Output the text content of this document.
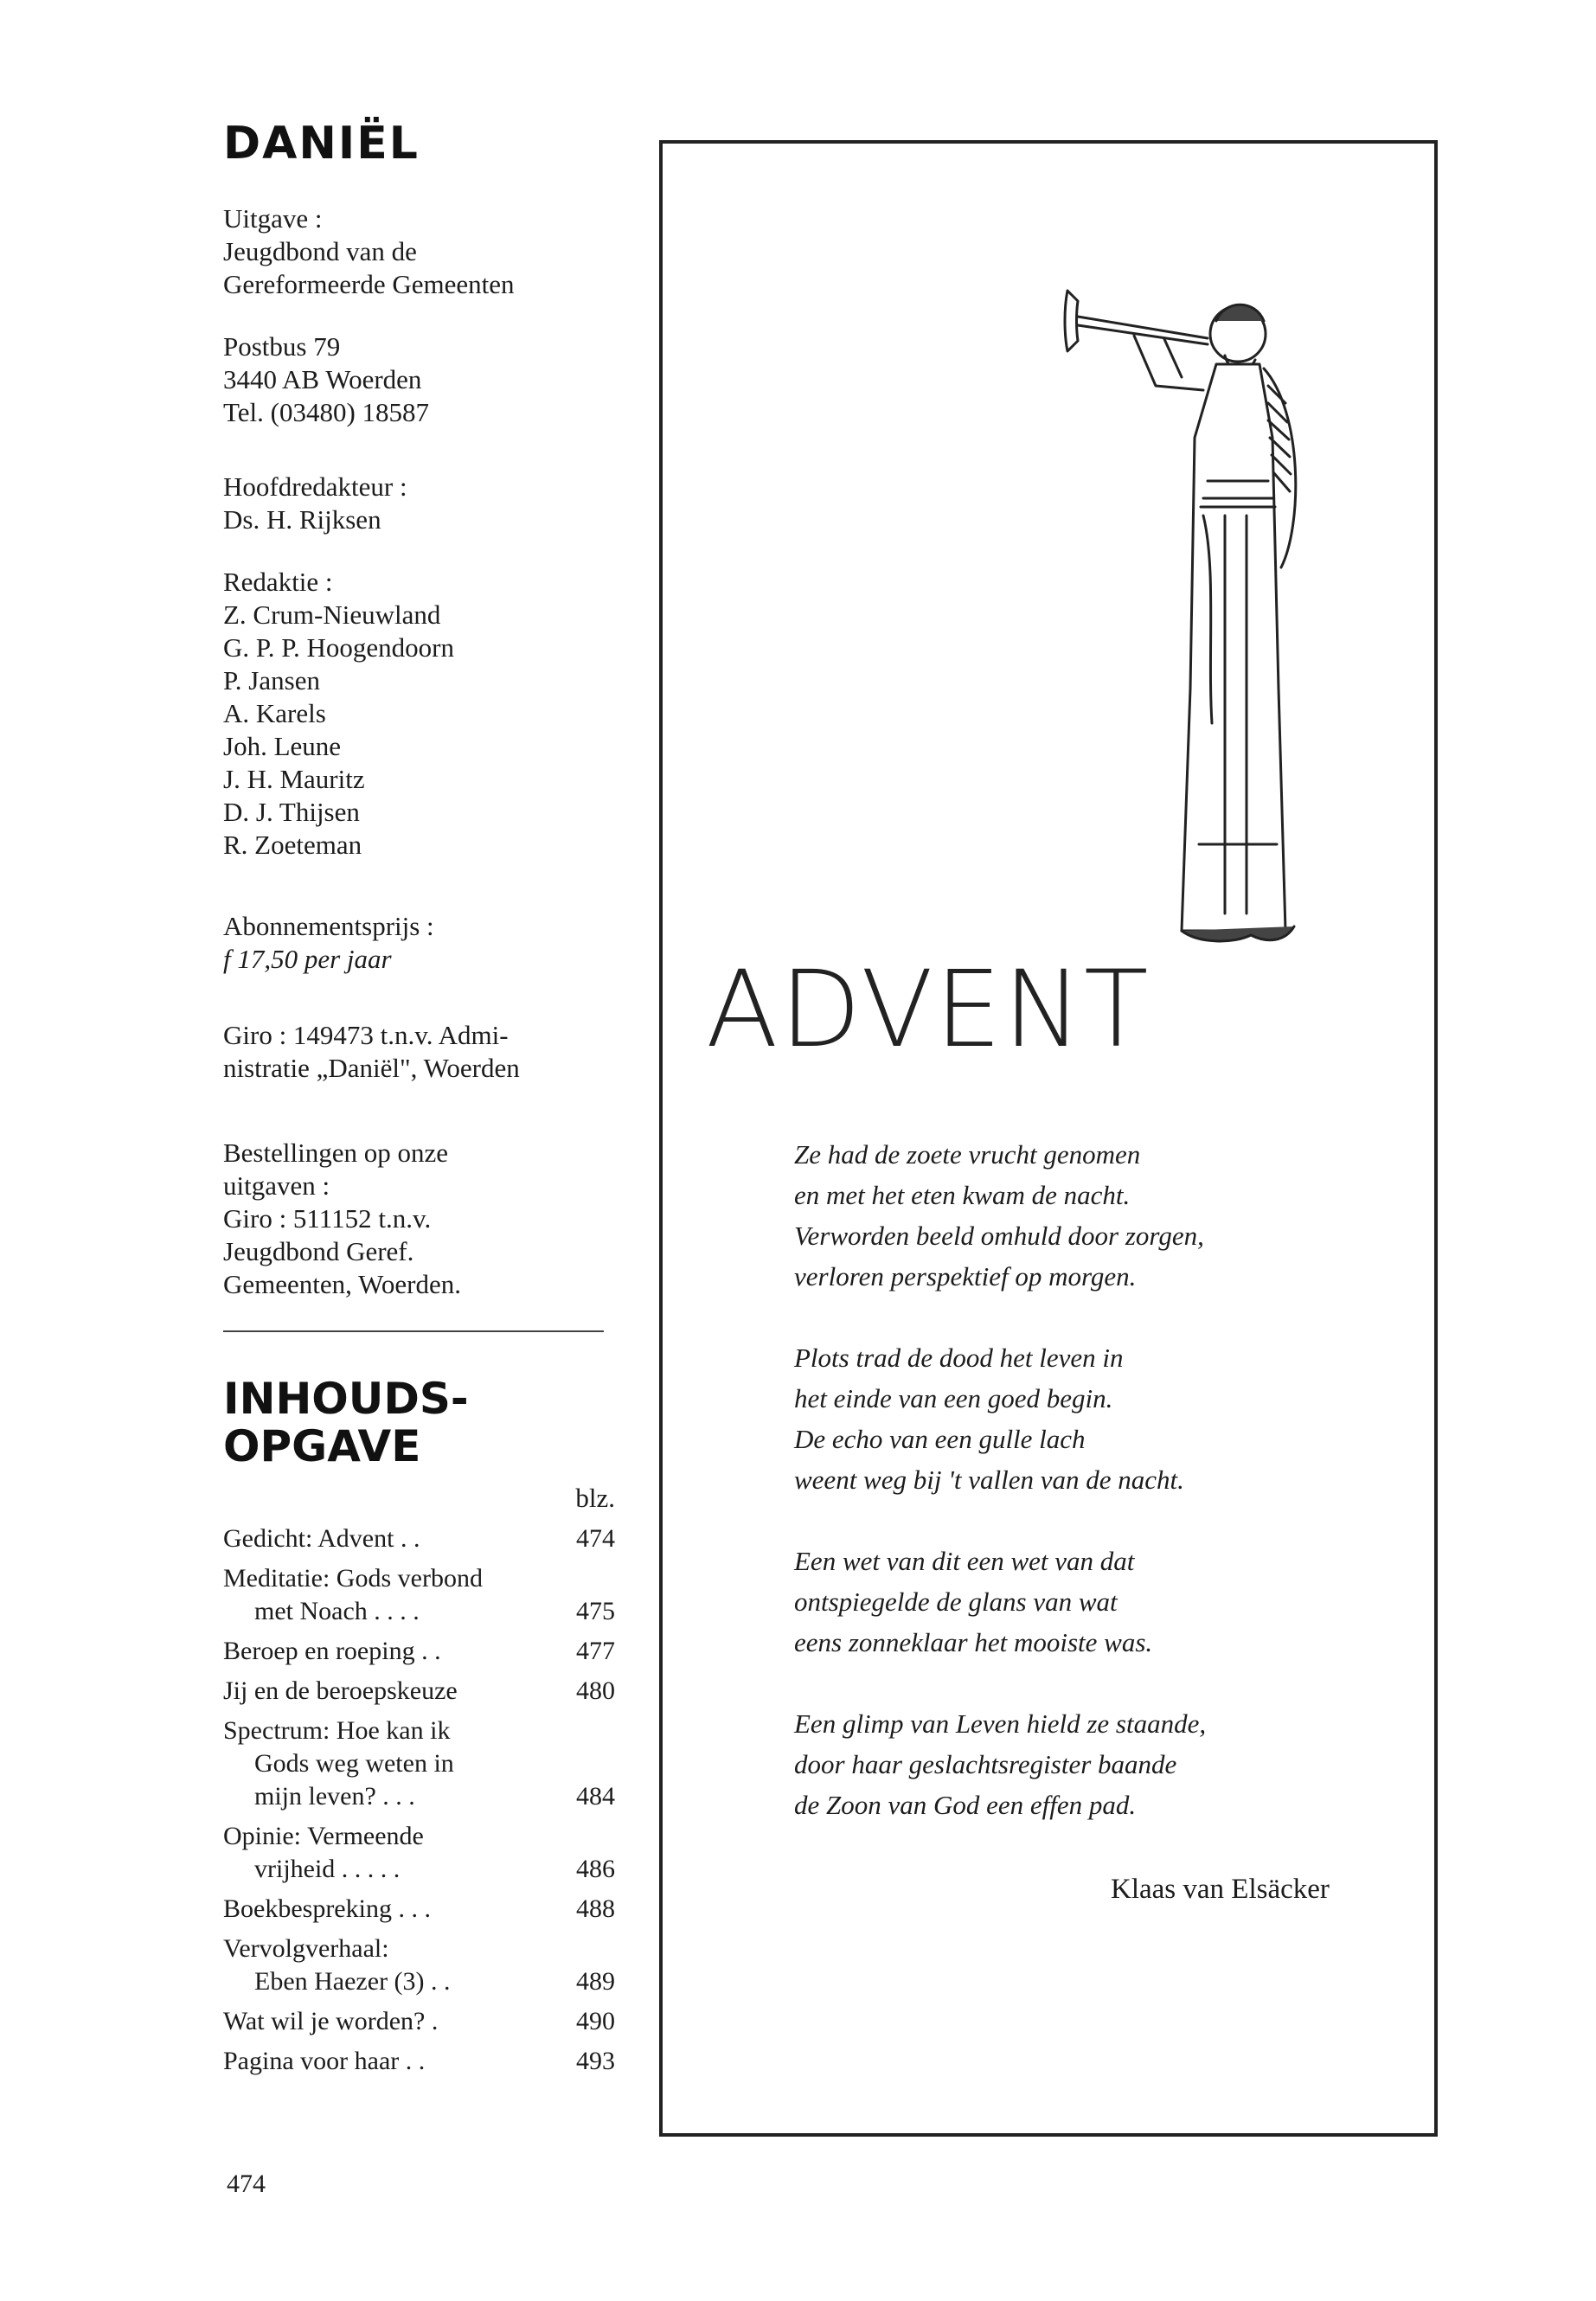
DANIËL
Uitgave :
Jeugdbond van de
Gereformeerde Gemeenten
Postbus 79
3440 AB Woerden
Tel. (03480) 18587
Hoofdredakteur :
Ds. H. Rijksen
Redaktie :
Z. Crum-Nieuwland
G. P. P. Hoogendoorn
P. Jansen
A. Karels
Joh. Leune
J. H. Mauritz
D. J. Thijsen
R. Zoeteman
Abonnementsprijs :
f 17,50 per jaar
Giro : 149473 t.n.v. Admi-
nistratie „Daniël", Woerden
Bestellingen op onze
uitgaven :
Giro : 511152 t.n.v.
Jeugdbond Geref.
Gemeenten, Woerden.
INHOUDS-
OPGAVE
blz.
Gedicht: Advent . .	474
Meditatie: Gods verbond
met Noach . . . .	475
Beroep en roeping . .	477
Jij en de beroepskeuze	480
Spectrum: Hoe kan ik
Gods weg weten in
mijn leven? . . .	484
Opinie: Vermeende
vrijheid . . . . .	486
Boekbespreking . . .	488
Vervolgverhaal:
Eben Haezer (3) . .	489
Wat wil je worden? .	490
Pagina voor haar . .	493
474
ADVENT
Ze had de zoete vrucht genomen
en met het eten kwam de nacht.
Verworden beeld omhuld door zorgen,
verloren perspektief op morgen.
Plots trad de dood het leven in
het einde van een goed begin.
De echo van een gulle lach
weent weg bij 't vallen van de nacht.
Een wet van dit een wet van dat
ontspiegelde de glans van wat
eens zonneklaar het mooiste was.
Een glimp van Leven hield ze staande,
door haar geslachtsregister baande
de Zoon van God een effen pad.
Klaas van Elsäcker
